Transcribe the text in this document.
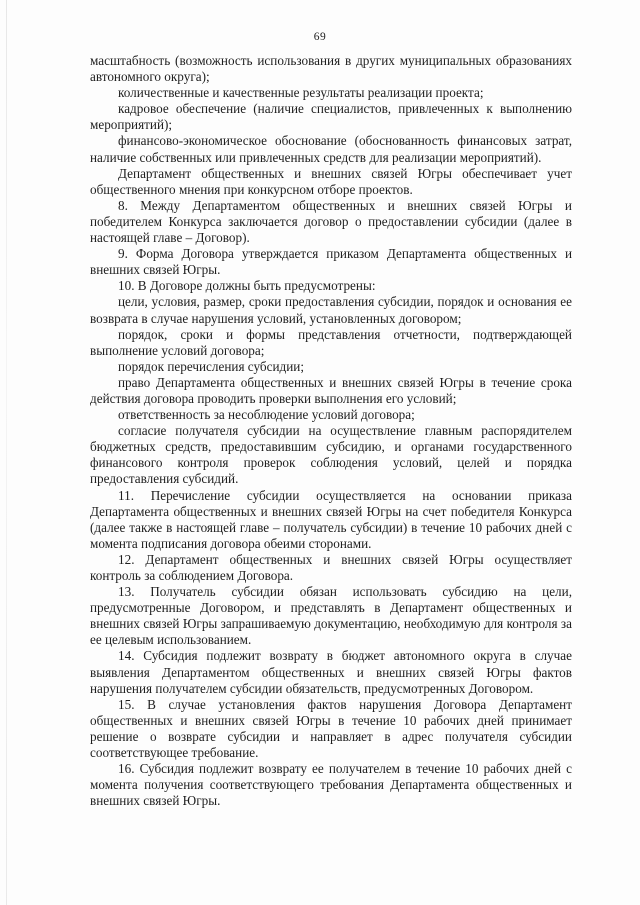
69

масштабность (возможность использования в других муниципальных образованиях автономного округа);

количественные и качественные результаты реализации проекта;

кадровое обеспечение (наличие специалистов, привлеченных к выполнению мероприятий);

финансово-экономическое обоснование (обоснованность финансовых затрат, наличие собственных или привлеченных средств для реализации мероприятий).

Департамент общественных и внешних связей Югры обеспечивает учет общественного мнения при конкурсном отборе проектов.

8. Между Департаментом общественных и внешних связей Югры и победителем Конкурса заключается договор о предоставлении субсидии (далее в настоящей главе – Договор).

9. Форма Договора утверждается приказом Департамента общественных и внешних связей Югры.

10. В Договоре должны быть предусмотрены:

цели, условия, размер, сроки предоставления субсидии, порядок и основания ее возврата в случае нарушения условий, установленных договором;

порядок, сроки и формы представления отчетности, подтверждающей выполнение условий договора;

порядок перечисления субсидии;

право Департамента общественных и внешних связей Югры в течение срока действия договора проводить проверки выполнения его условий;

ответственность за несоблюдение условий договора;

согласие получателя субсидии на осуществление главным распорядителем бюджетных средств, предоставившим субсидию, и органами государственного финансового контроля проверок соблюдения условий, целей и порядка предоставления субсидий.

11. Перечисление субсидии осуществляется на основании приказа Департамента общественных и внешних связей Югры на счет победителя Конкурса (далее также в настоящей главе – получатель субсидии) в течение 10 рабочих дней с момента подписания договора обеими сторонами.

12. Департамент общественных и внешних связей Югры осуществляет контроль за соблюдением Договора.

13. Получатель субсидии обязан использовать субсидию на цели, предусмотренные Договором, и представлять в Департамент общественных и внешних связей Югры запрашиваемую документацию, необходимую для контроля за ее целевым использованием.

14. Субсидия подлежит возврату в бюджет автономного округа в случае выявления Департаментом общественных и внешних связей Югры фактов нарушения получателем субсидии обязательств, предусмотренных Договором.

15. В случае установления фактов нарушения Договора Департамент общественных и внешних связей Югры в течение 10 рабочих дней принимает решение о возврате субсидии и направляет в адрес получателя субсидии соответствующее требование.

16. Субсидия подлежит возврату ее получателем в течение 10 рабочих дней с момента получения соответствующего требования Департамента общественных и внешних связей Югры.
